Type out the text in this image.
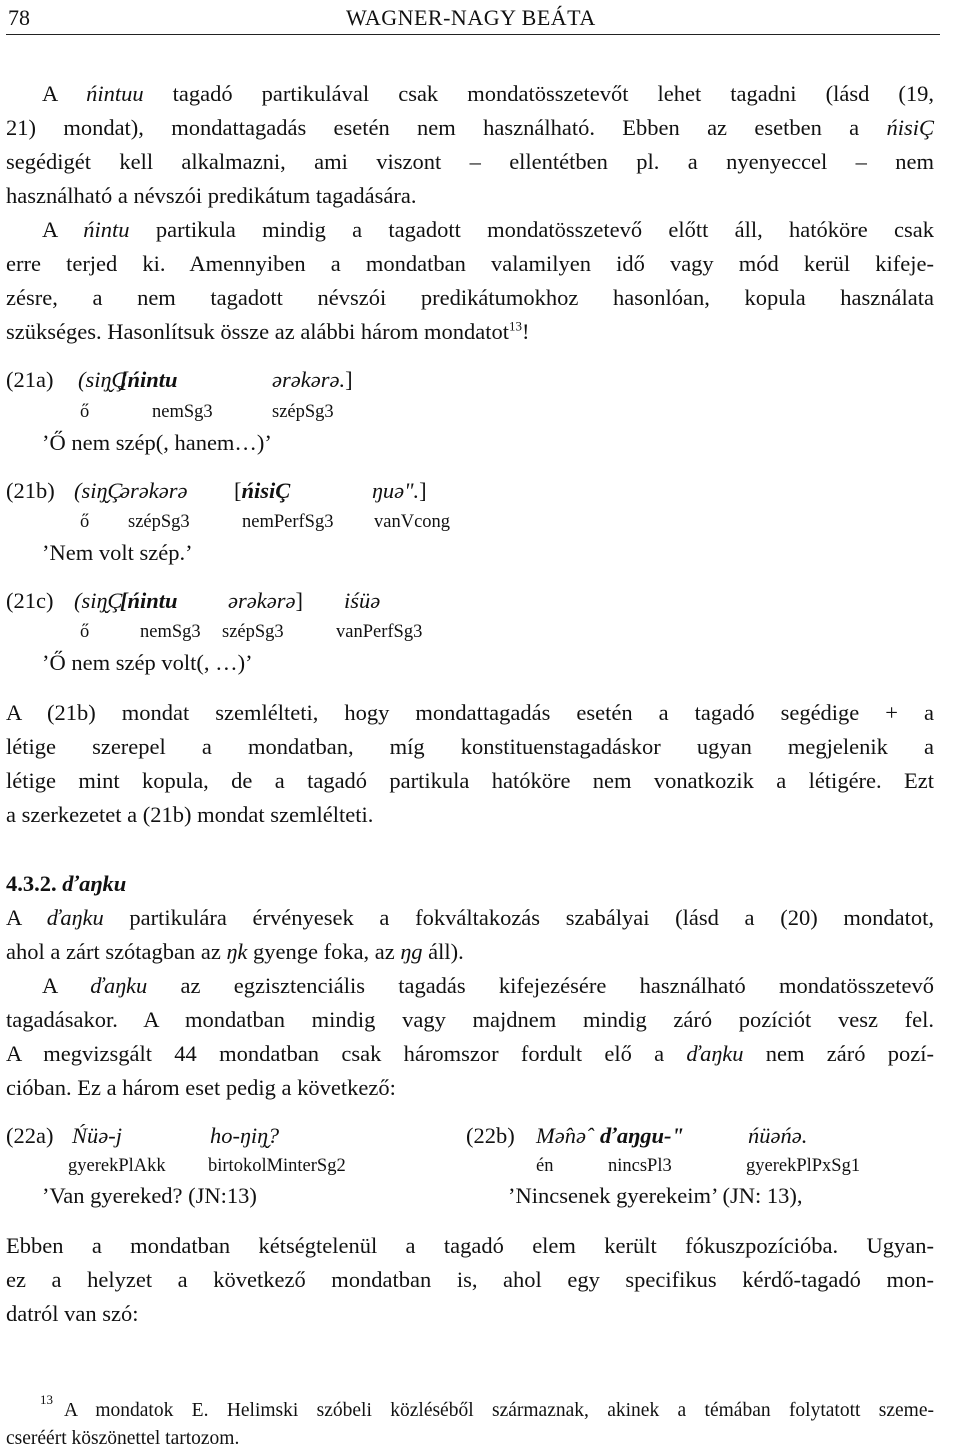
78	WAGNER-NAGY BEÁTA
A ńintuu tagadó partikulával csak mondatösszetevőt lehet tagadni (lásd (19,
21) mondat), mondattagadás esetén nem használható. Ebben az esetben a ńisiÇ
segédigét kell alkalmazni, ami viszont – ellentétben pl. a nyenyeccel – nem
használható a névszói predikátum tagadására.
A ńintu partikula mindig a tagadott mondatösszetevő előtt áll, hatóköre csak
erre terjed ki. Amennyiben a mondatban valamilyen idő vagy mód kerül kifeje-
zésre, a nem tagadott névszói predikátumokhoz hasonlóan, kopula használata
szükséges. Hasonlítsuk össze az alábbi három mondatot$^{13}$!
(21a) (siŋ̬Ç
[ńintu	ərəkərə.]
ő	nemSg3	szépSg3
’Ő nem szép(, hanem…)’
(21b) (siŋ̬Ç
ərəkərə [ńisiÇ	ŋuə".]
ő szépSg3	nemPerfSg3 vanVcong
’Nem volt szép.’
(21c) (siŋ̬Ç
[ńintu ərəkərə] iśüə
ő	nemSg3 szépSg3	vanPerfSg3
’Ő nem szép volt(, …)’
A (21b) mondat szemlélteti, hogy mondattagadás esetén a tagadó segédige + a
létige szerepel a mondatban, míg konstituenstagadáskor ugyan megjelenik a
létige mint kopula, de a tagadó partikula hatóköre nem vonatkozik a létigére. Ezt
a szerkezetet a (21b) mondat szemlélteti.
4.3.2. ďaŋku
A ďaŋku partikulára érvényesek a fokváltakozás szabályai (lásd a (20) mondatot,
ahol a zárt szótagban az ŋk gyenge foka, az ŋg áll).
A ďaŋku az egzisztenciális tagadás kifejezésére használható mondatösszetevő
tagadásakor. A mondatban mindig vagy majdnem mindig záró pozíciót vesz fel.
A megvizsgált 44 mondatban csak háromszor fordult elő a ďaŋku nem záró pozí-
cióban. Ez a három eset pedig a következő:
(22a) Ńüə-j	ho-ŋiŋ̬?
gyerekPlAkk birtokolMinterSg2
’Van gyereked? (JN:13)
(22b) Mə̂nə̂ ďaŋgu-"	ńüəńə.
én	nincsPl3	gyerekPlPxSg1
’Nincsenek gyerekeim’ (JN: 13),
Ebben a mondatban kétségtelenül a tagadó elem került fókuszpozícióba. Ugyan-
ez a helyzet a következő mondatban is, ahol egy specifikus kérdő-tagadó mon-
datról van szó:
13
A mondatok E. Helimski szóbeli közléséből származnak, akinek a témában folytatott szeme-
cseréért köszönettel tartozom.
